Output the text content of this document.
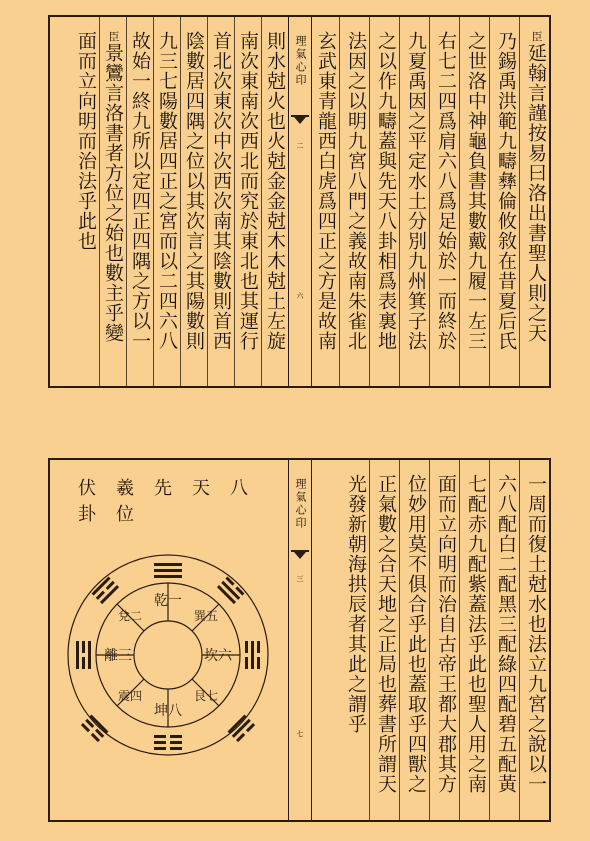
則水尅火也火尅金金尅木木尅土左旋
南次東南次西北而究於東北也其運行
首北次東次中次西次南其陰數則首西
陰數居四隅之位以其次言之其陽數則
九三七陽數居四正之宮而以二四六八
故始一終九所以定四正四隅之方以一
臣景鸞言洛書者方位之始也數主乎變
面而立向明而治法乎此也	理氣心印
二
六
臣延翰言謹按易曰洛出書聖人則之天
乃錫禹洪範九疇彝倫攸敘在昔夏后氏
之世洛中神龜負書其數戴九履一左三
右七二四爲肩六八爲足始於一而終於
九夏禹因之平定水土分別九州箕子法
之以作九疇蓋與先天八卦相爲表裏地
法因之以明九宮八門之義故南朱雀北
玄武東青龍西白虎爲四正之方是故南
伏羲先天八卦位
乾一
坤八
離三	坎六
兌二	巽五
震四	艮七
理氣心印
三
七	一周而復土尅水也法立九宮之說以一
六八配白二配黑三配綠四配碧五配黃
七配赤九配紫蓋法乎此也聖人用之南
面而立向明而治自古帝王都大郡其方
位妙用莫不俱合乎此也蓋取乎四獸之
正氣數之合天地之正局也葬書所謂天
光發新朝海拱辰者其此之謂乎
